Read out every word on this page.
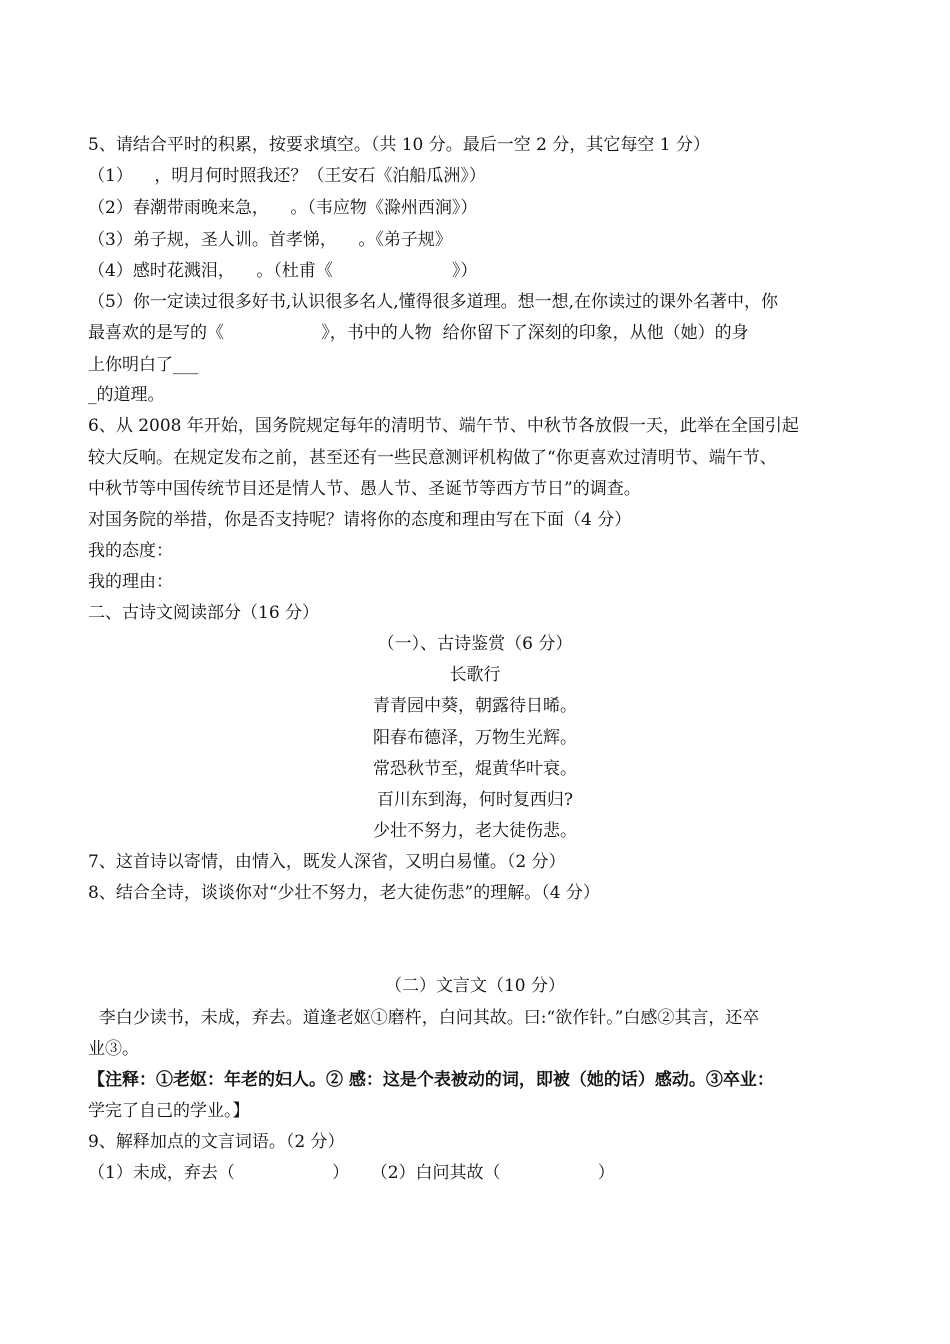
5、请结合平时的积累，按要求填空。（共 10 分。最后一空 2 分，其它每空 1 分）
（1）    ，明月何时照我还？（王安石《泊船瓜洲》）
（2）春潮带雨晚来急，    。（韦应物《滁州西涧》）
（3）弟子规，圣人训。首孝悌，    。《弟子规》
（4）感时花溅泪，    。（杜甫《                      》）
（5）你一定读过很多好书,认识很多名人,懂得很多道理。想一想,在你读过的课外名著中，你
最喜欢的是写的《                  》，书中的人物  给你留下了深刻的印象，从他（她）的身
上你明白了___
_的道理。
6、从 2008 年开始，国务院规定每年的清明节、端午节、中秋节各放假一天，此举在全国引起
较大反响。在规定发布之前，甚至还有一些民意测评机构做了“你更喜欢过清明节、端午节、
中秋节等中国传统节目还是情人节、愚人节、圣诞节等西方节日”的调查。
对国务院的举措，你是否支持呢？请将你的态度和理由写在下面（4 分）
我的态度：
我的理由：
二、古诗文阅读部分（16 分）
（一）、古诗鉴赏（6 分）
长歌行
青青园中葵，朝露待日晞。
阳春布德泽，万物生光辉。
常恐秋节至，焜黄华叶衰。
百川东到海，何时复西归?
少壮不努力，老大徒伤悲。
7、这首诗以寄情，由情入，既发人深省，又明白易懂。（2 分）
8、结合全诗，谈谈你对“少壮不努力，老大徒伤悲”的理解。（4 分）
（二）文言文（10 分）
李白少读书，未成，弃去。道逢老妪①磨杵，白问其故。曰:“欲作针。”白感②其言，还卒
业③。
【注释：①老妪：年老的妇人。② 感：这是个表被动的词，即被（她的话）感动。③卒业：
学完了自己的学业。】
9、解释加点的文言词语。（2 分）
（1）未成，弃去（                  ）    （2）白问其故（                  ）
